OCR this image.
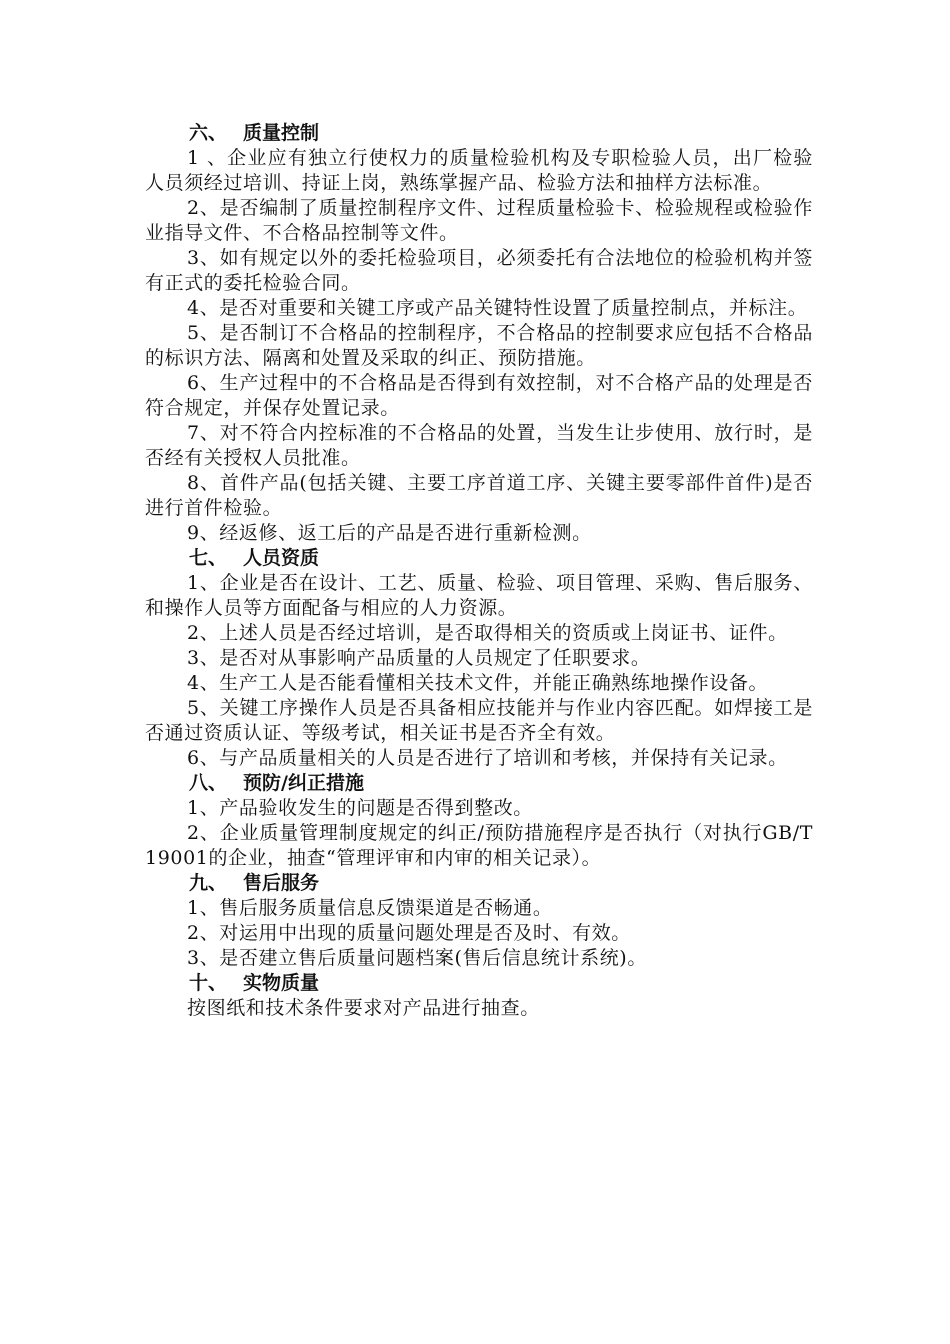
六、 质量控制

1 、企业应有独立行使权力的质量检验机构及专职检验人员，出厂检验人员须经过培训、持证上岗，熟练掌握产品、检验方法和抽样方法标准。

2、是否编制了质量控制程序文件、过程质量检验卡、检验规程或检验作业指导文件、不合格品控制等文件。

3、如有规定以外的委托检验项目，必须委托有合法地位的检验机构并签有正式的委托检验合同。

4、是否对重要和关键工序或产品关键特性设置了质量控制点，并标注。

5、是否制订不合格品的控制程序，不合格品的控制要求应包括不合格品的标识方法、隔离和处置及采取的纠正、预防措施。

6、生产过程中的不合格品是否得到有效控制，对不合格产品的处理是否符合规定，并保存处置记录。

7、对不符合内控标准的不合格品的处置，当发生让步使用、放行时，是否经有关授权人员批准。

8、首件产品(包括关键、主要工序首道工序、关键主要零部件首件)是否进行首件检验。

9、经返修、返工后的产品是否进行重新检测。

七、 人员资质

1、企业是否在设计、工艺、质量、检验、项目管理、采购、售后服务、和操作人员等方面配备与相应的人力资源。

2、上述人员是否经过培训，是否取得相关的资质或上岗证书、证件。

3、是否对从事影响产品质量的人员规定了任职要求。

4、生产工人是否能看懂相关技术文件，并能正确熟练地操作设备。

5、关键工序操作人员是否具备相应技能并与作业内容匹配。如焊接工是否通过资质认证、等级考试，相关证书是否齐全有效。

6、与产品质量相关的人员是否进行了培训和考核，并保持有关记录。

八、 预防/纠正措施

1、产品验收发生的问题是否得到整改。

2、企业质量管理制度规定的纠正/预防措施程序是否执行（对执行GB/T19001的企业，抽查“管理评审和内审的相关记录）。

九、 售后服务

1、售后服务质量信息反馈渠道是否畅通。

2、对运用中出现的质量问题处理是否及时、有效。

3、是否建立售后质量问题档案(售后信息统计系统)。

十、 实物质量

按图纸和技术条件要求对产品进行抽查。
